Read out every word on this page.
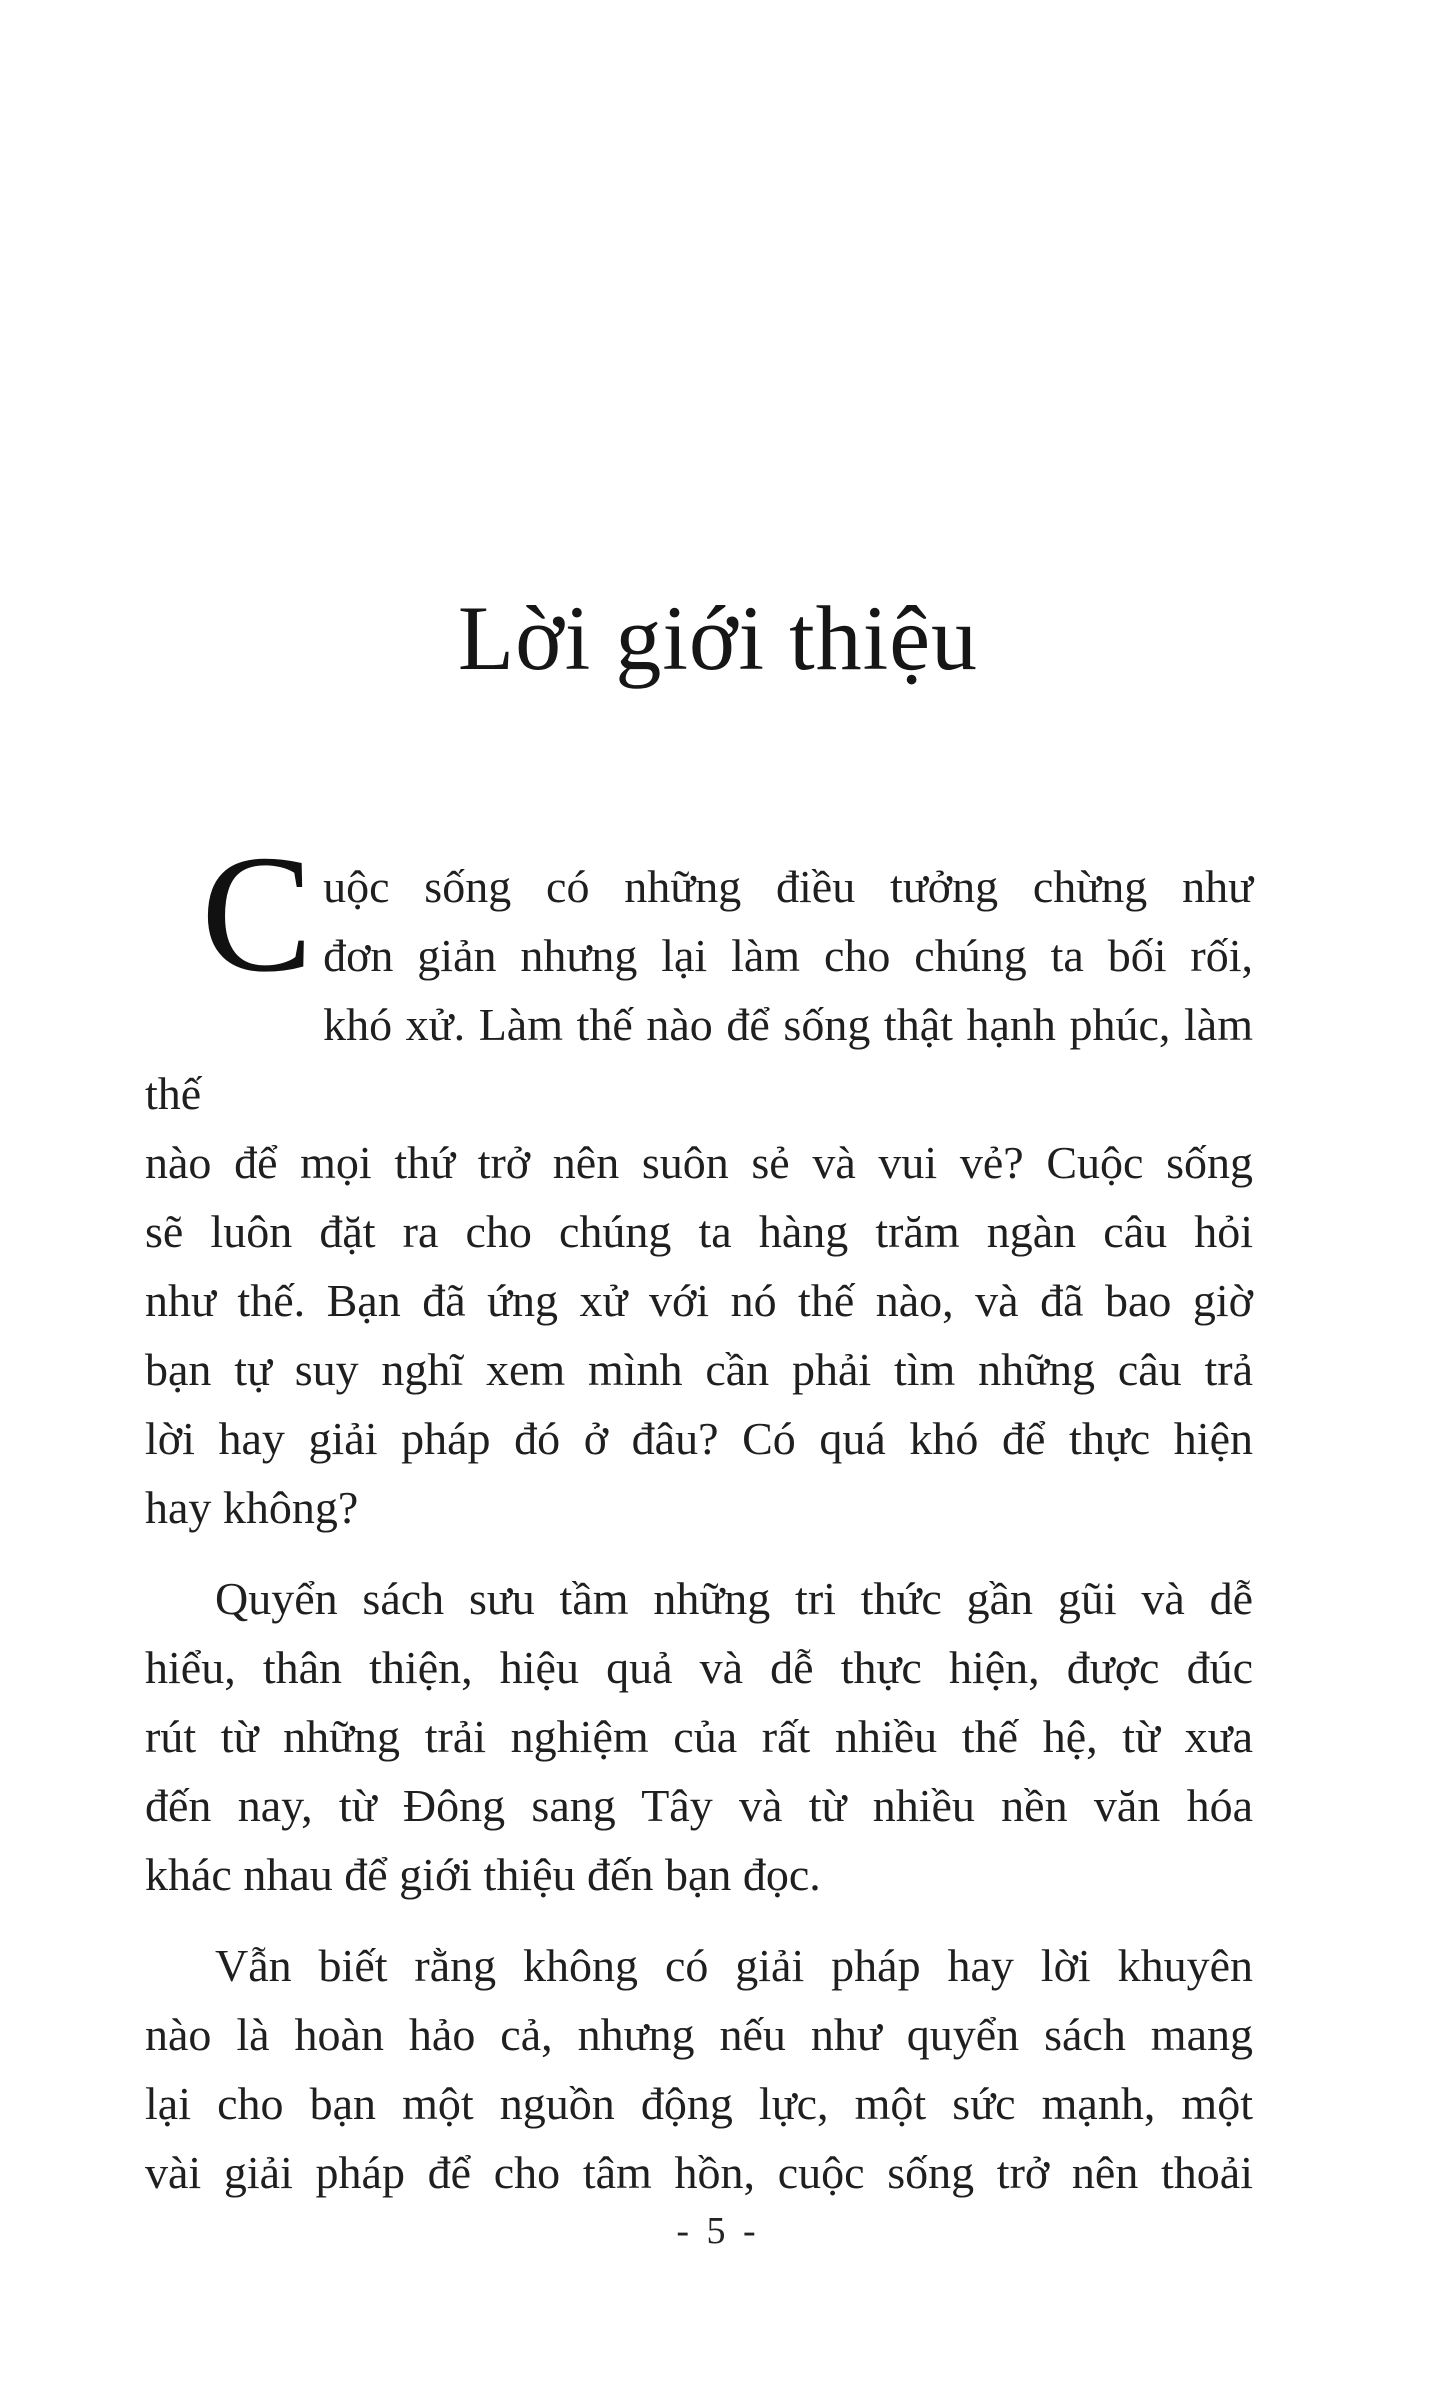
Lời giới thiệu
C uộc sống có những điều tưởng chừng như
đơn giản nhưng lại làm cho chúng ta bối rối,
khó xử. Làm thế nào để sống thật hạnh phúc, làm thế
nào để mọi thứ trở nên suôn sẻ và vui vẻ? Cuộc sống
sẽ luôn đặt ra cho chúng ta hàng trăm ngàn câu hỏi
như thế. Bạn đã ứng xử với nó thế nào, và đã bao giờ
bạn tự suy nghĩ xem mình cần phải tìm những câu trả
lời hay giải pháp đó ở đâu? Có quá khó để thực hiện
hay không?
Quyển sách sưu tầm những tri thức gần gũi và dễ
hiểu, thân thiện, hiệu quả và dễ thực hiện, được đúc
rút từ những trải nghiệm của rất nhiều thế hệ, từ xưa
đến nay, từ Đông sang Tây và từ nhiều nền văn hóa
khác nhau để giới thiệu đến bạn đọc.
Vẫn biết rằng không có giải pháp hay lời khuyên
nào là hoàn hảo cả, nhưng nếu như quyển sách mang
lại cho bạn một nguồn động lực, một sức mạnh, một
vài giải pháp để cho tâm hồn, cuộc sống trở nên thoải
- 5 -
